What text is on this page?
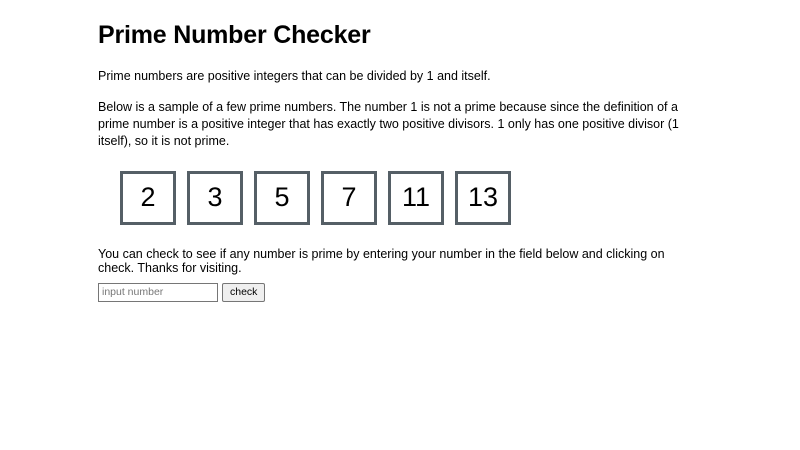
Prime Number Checker

Prime numbers are positive integers that can be divided by 1 and itself.

Below is a sample of a few prime numbers. The number 1 is not a prime because since the definition of a prime number is a positive integer that has exactly two positive divisors. 1 only has one positive divisor (1 itself), so it is not prime.

2	3	5	7	11	13

You can check to see if any number is prime by entering your number in the field below and clicking on check. Thanks for visiting.

input number
check
